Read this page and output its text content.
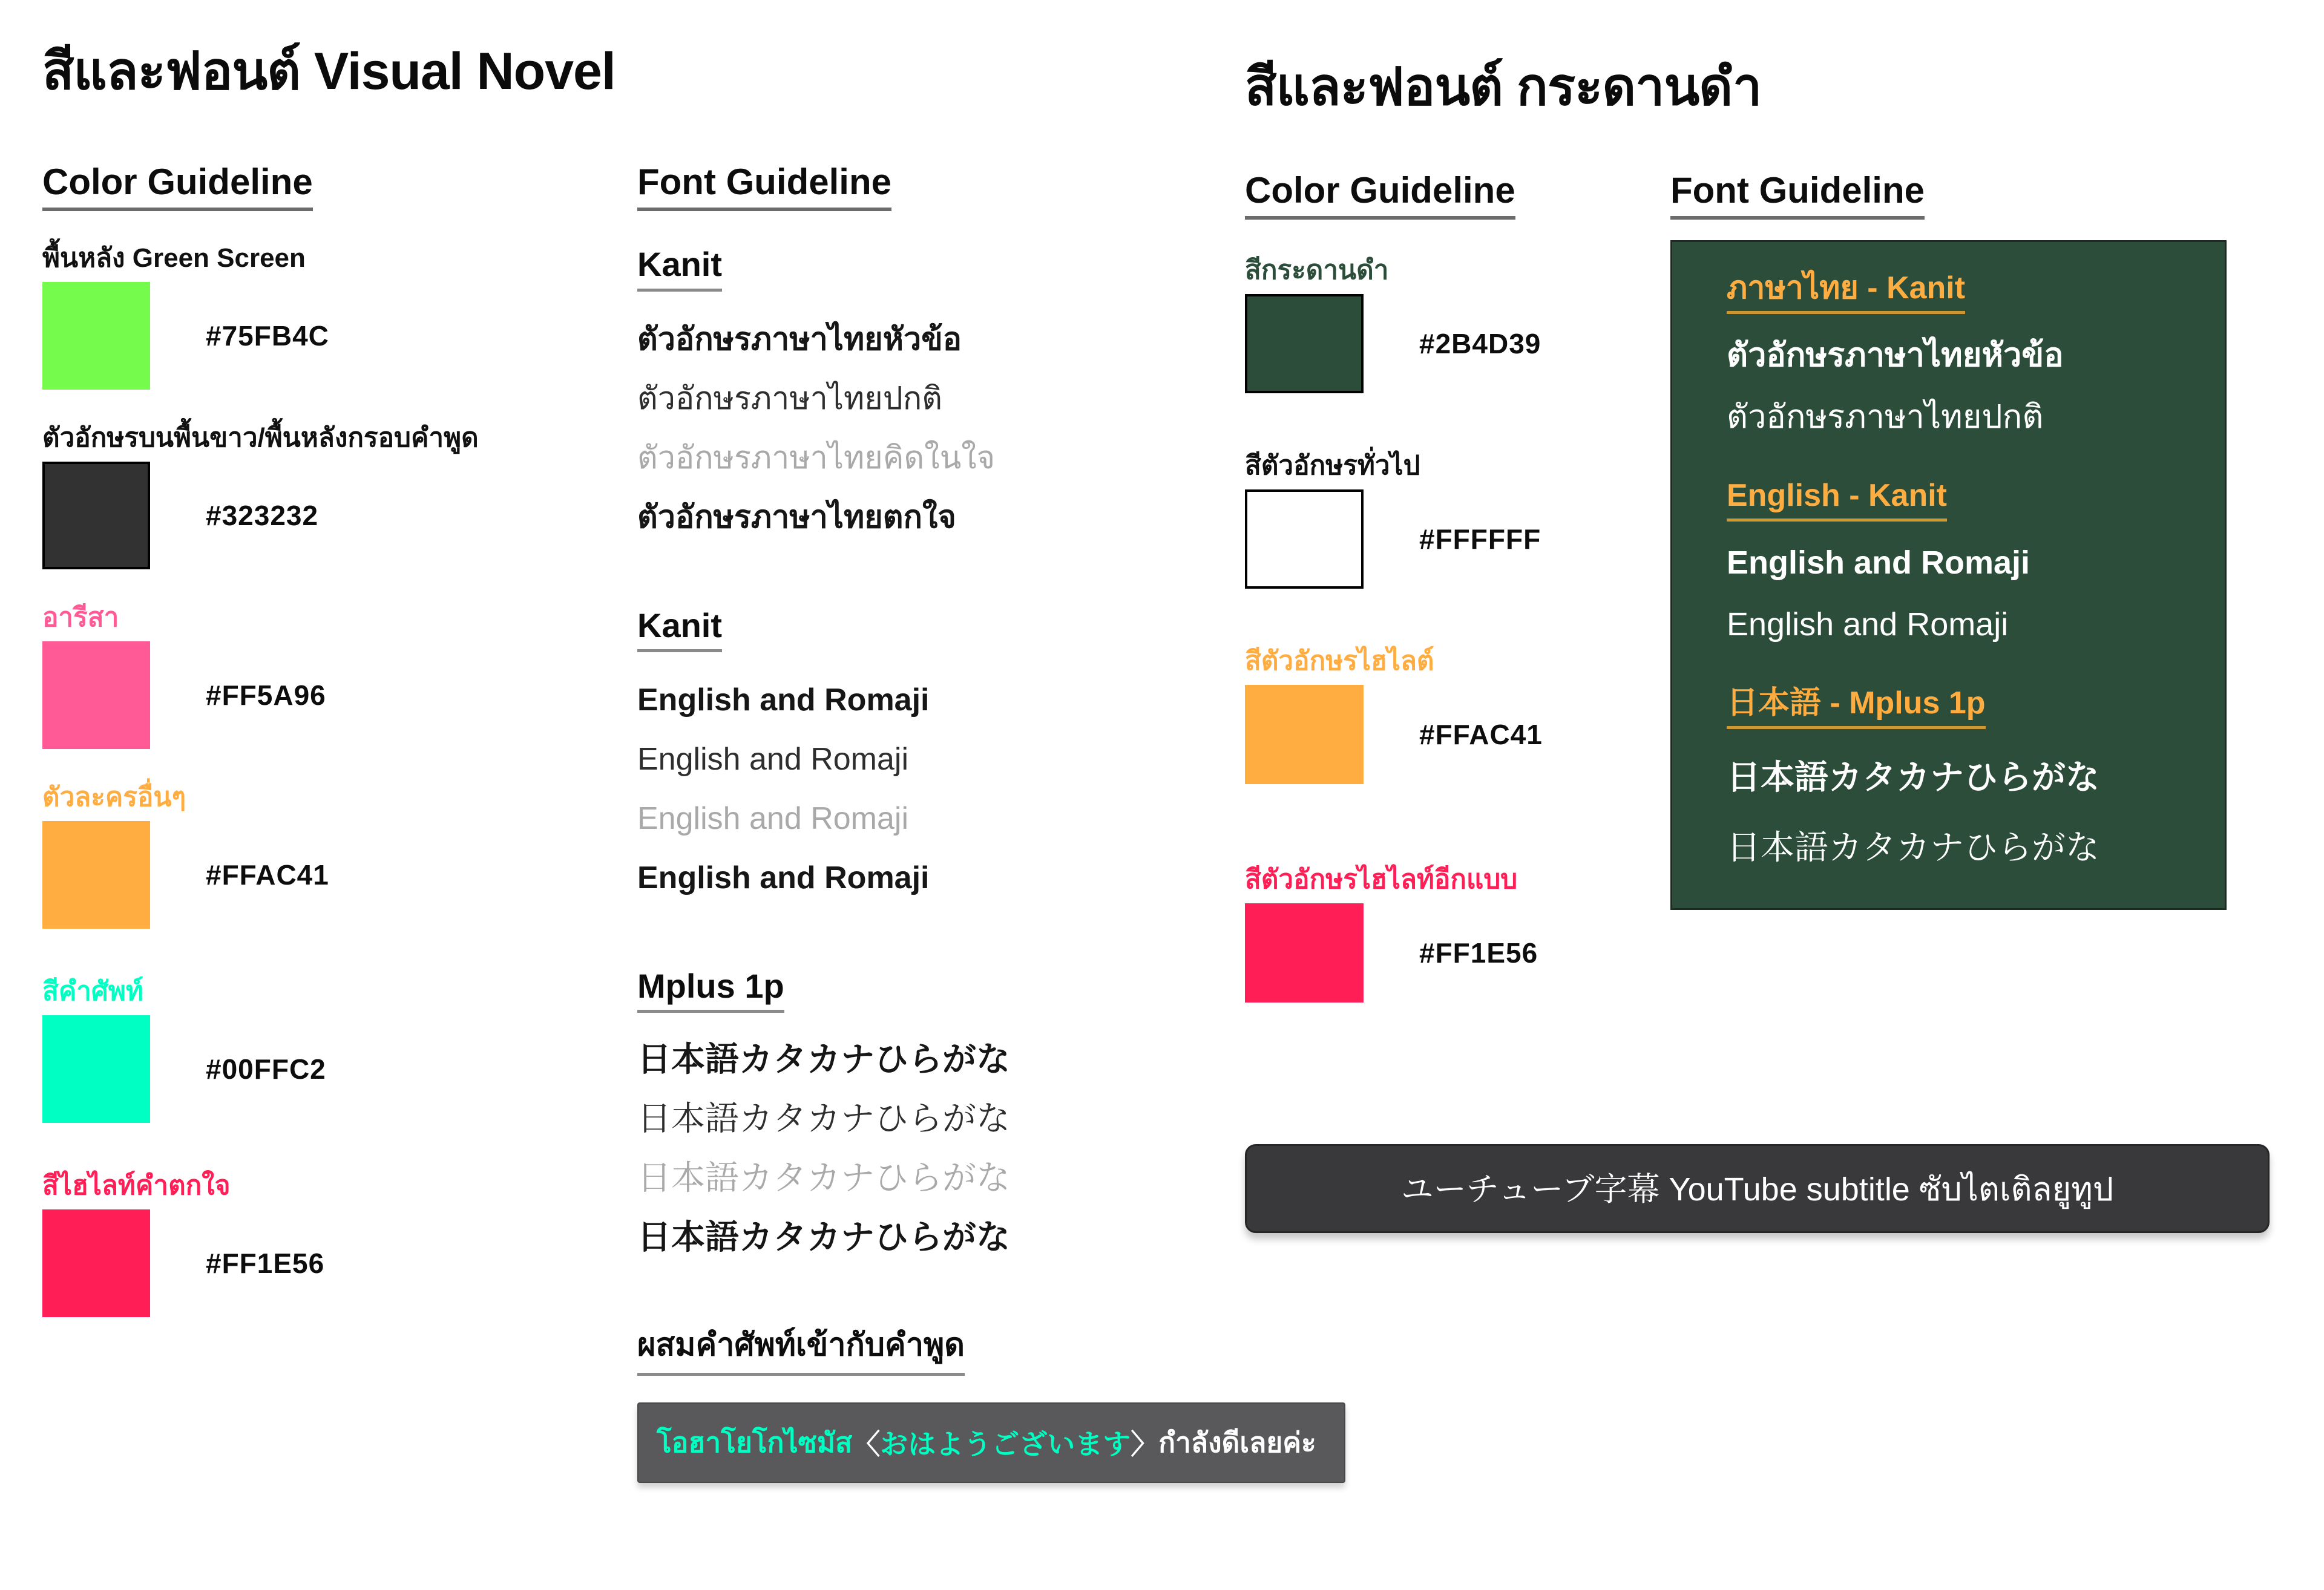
สีและฟอนต์ Visual Novel
Color Guideline
พื้นหลัง Green Screen
#75FB4C
ตัวอักษรบนพื้นขาว/พื้นหลังกรอบคำพูด
#323232
อารีสา
#FF5A96
ตัวละครอื่นๆ
#FFAC41
สีคำศัพท์
#00FFC2
สีไฮไลท์คำตกใจ
#FF1E56
Font Guideline
Kanit
ตัวอักษรภาษาไทยหัวข้อ
ตัวอักษรภาษาไทยปกติ
ตัวอักษรภาษาไทยคิดในใจ
ตัวอักษรภาษาไทยตกใจ
Kanit
English and Romaji
English and Romaji
English and Romaji
English and Romaji
Mplus 1p
日本語カタカナひらがな
日本語カタカナひらがな
日本語カタカナひらがな
日本語カタカナひらがな
ผสมคำศัพท์เข้ากับคำพูด
โอฮาโยโกไซมัส 〈 おはようございます 〉 กำลังดีเลยค่ะ
สีและฟอนต์ กระดานดำ
Color Guideline
สีกระดานดำ
#2B4D39
สีตัวอักษรทั่วไป
#FFFFFF
สีตัวอักษรไฮไลต์
#FFAC41
สีตัวอักษรไฮไลท์อีกแบบ
#FF1E56
Font Guideline
ภาษาไทย - Kanit
ตัวอักษรภาษาไทยหัวข้อ
ตัวอักษรภาษาไทยปกติ
English - Kanit
English and Romaji
English and Romaji
日本語 - Mplus 1p
日本語カタカナひらがな
日本語カタカナひらがな
ユーチューブ字幕 YouTube subtitle ซับไตเติลยูทูป
